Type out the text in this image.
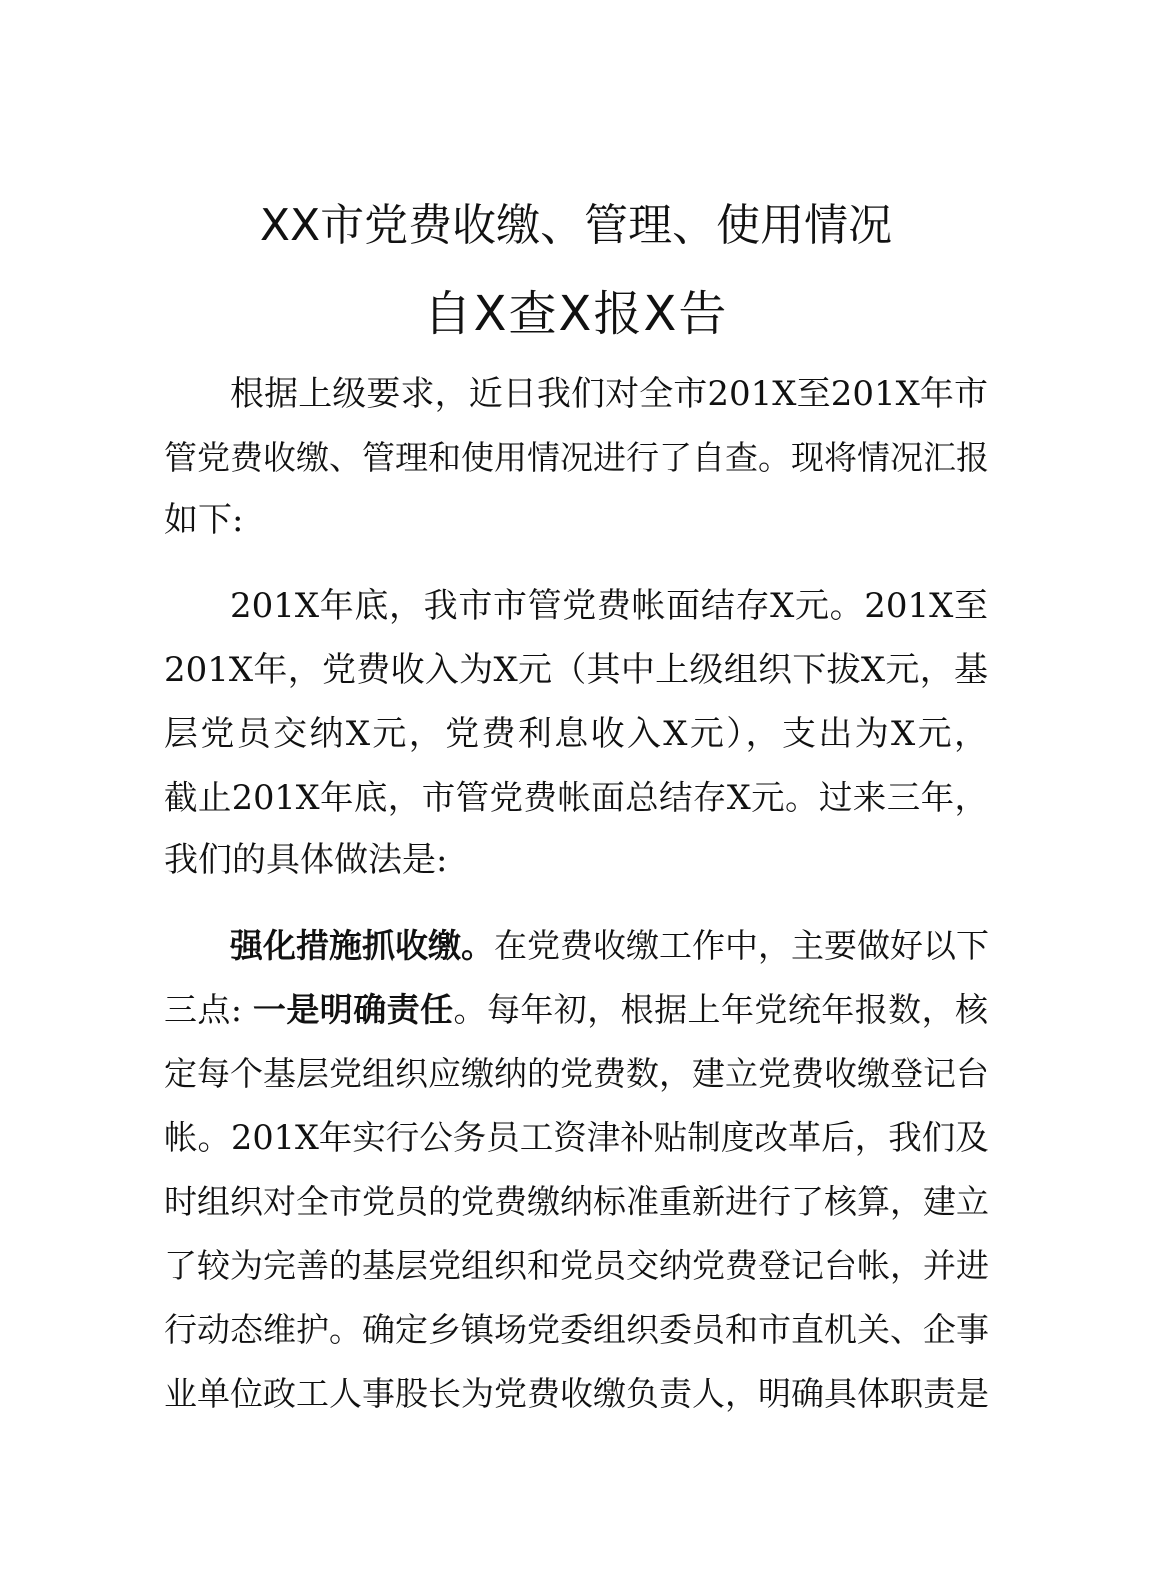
XX市党费收缴、管理、使用情况
自X查X报X告
根据上级要求，近日我们对全市201X至201X年市
管党费收缴、管理和使用情况进行了自查。现将情况汇报
如下:
201X年底，我市市管党费帐面结存X元。201X至
201X年，党费收入为X元（其中上级组织下拔X元，基
层党员交纳X元，党费利息收入X元），支出为X元，
截止201X年底，市管党费帐面总结存X元。过来三年，
我们的具体做法是:
强化措施抓收缴。在党费收缴工作中，主要做好以下
三点: 一是明确责任。每年初，根据上年党统年报数，核
定每个基层党组织应缴纳的党费数，建立党费收缴登记台
帐。201X年实行公务员工资津补贴制度改革后，我们及
时组织对全市党员的党费缴纳标准重新进行了核算，建立
了较为完善的基层党组织和党员交纳党费登记台帐，并进
行动态维护。确定乡镇场党委组织委员和市直机关、企事
业单位政工人事股长为党费收缴负责人，明确具体职责是
